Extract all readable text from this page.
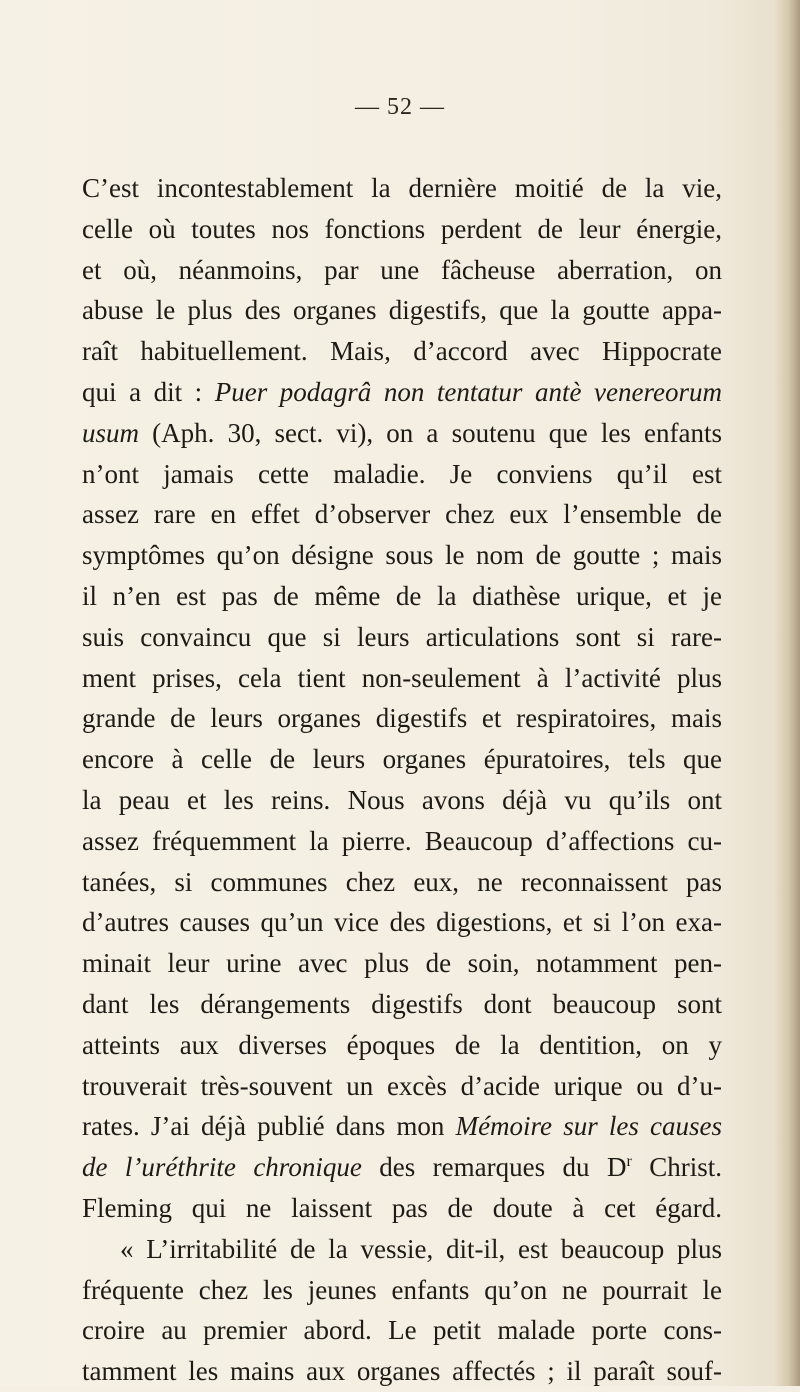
— 52 —
C’est incontestablement la dernière moitié de la vie,
celle où toutes nos fonctions perdent de leur énergie,
et où, néanmoins, par une fâcheuse aberration, on
abuse le plus des organes digestifs, que la goutte appa-
raît habituellement. Mais, d’accord avec Hippocrate
qui a dit : Puer podagrâ non tentatur antè venereorum
usum (Aph. 30, sect. vi), on a soutenu que les enfants
n’ont jamais cette maladie. Je conviens qu’il est
assez rare en effet d’observer chez eux l’ensemble de
symptômes qu’on désigne sous le nom de goutte ; mais
il n’en est pas de même de la diathèse urique, et je
suis convaincu que si leurs articulations sont si rare-
ment prises, cela tient non-seulement à l’activité plus
grande de leurs organes digestifs et respiratoires, mais
encore à celle de leurs organes épuratoires, tels que
la peau et les reins. Nous avons déjà vu qu’ils ont
assez fréquemment la pierre. Beaucoup d’affections cu-
tanées, si communes chez eux, ne reconnaissent pas
d’autres causes qu’un vice des digestions, et si l’on exa-
minait leur urine avec plus de soin, notamment pen-
dant les dérangements digestifs dont beaucoup sont
atteints aux diverses époques de la dentition, on y
trouverait très-souvent un excès d’acide urique ou d’u-
rates. J’ai déjà publié dans mon Mémoire sur les causes
de l’uréthrite chronique des remarques du $D^r$ Christ.
Fleming qui ne laissent pas de doute à cet égard.
« L’irritabilité de la vessie, dit-il, est beaucoup plus
fréquente chez les jeunes enfants qu’on ne pourrait le
croire au premier abord. Le petit malade porte cons-
tamment les mains aux organes affectés ; il paraît souf-
